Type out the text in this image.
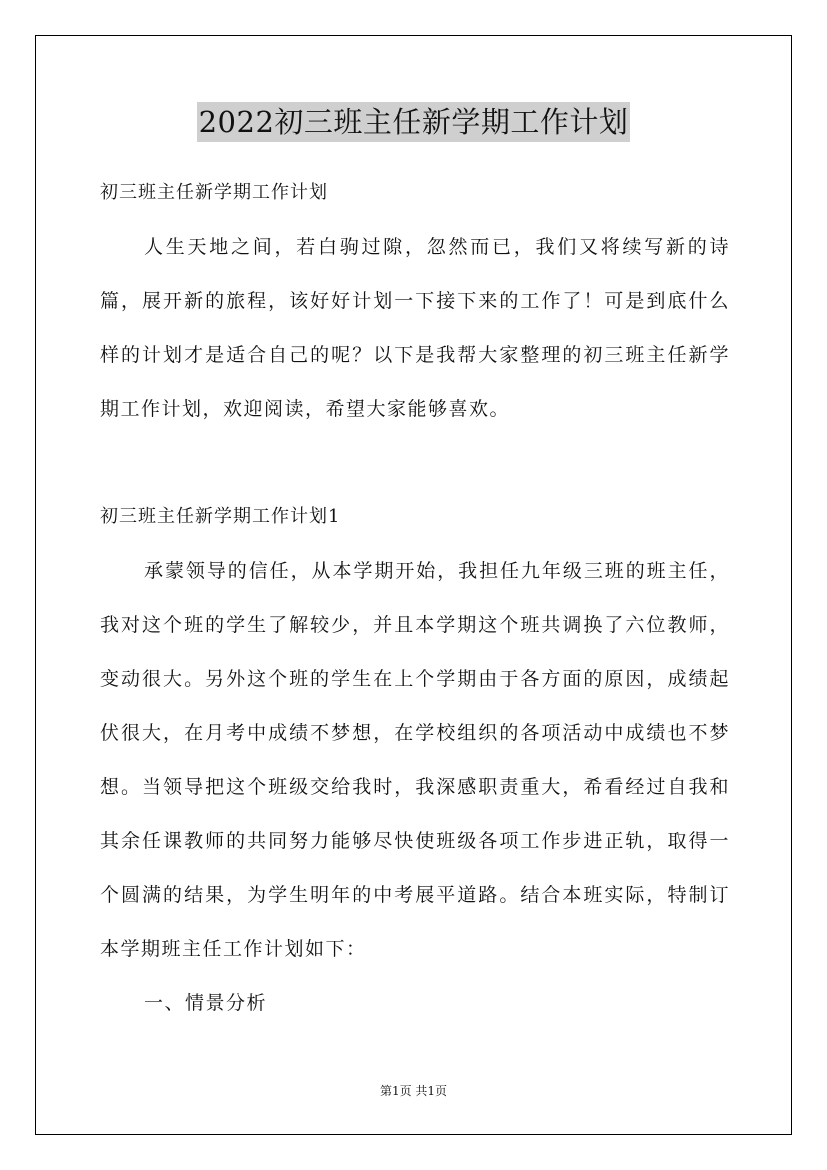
2022初三班主任新学期工作计划

初三班主任新学期工作计划

人生天地之间，若白驹过隙，忽然而已，我们又将续写新的诗篇，展开新的旅程，该好好计划一下接下来的工作了！可是到底什么样的计划才是适合自己的呢？以下是我帮大家整理的初三班主任新学期工作计划，欢迎阅读，希望大家能够喜欢。

初三班主任新学期工作计划1

承蒙领导的信任，从本学期开始，我担任九年级三班的班主任，我对这个班的学生了解较少，并且本学期这个班共调换了六位教师，变动很大。另外这个班的学生在上个学期由于各方面的原因，成绩起伏很大，在月考中成绩不梦想，在学校组织的各项活动中成绩也不梦想。当领导把这个班级交给我时，我深感职责重大，希看经过自我和其余任课教师的共同努力能够尽快使班级各项工作步进正轨，取得一个圆满的结果，为学生明年的中考展平道路。结合本班实际，特制订本学期班主任工作计划如下：

一、情景分析

第1页 共1页
